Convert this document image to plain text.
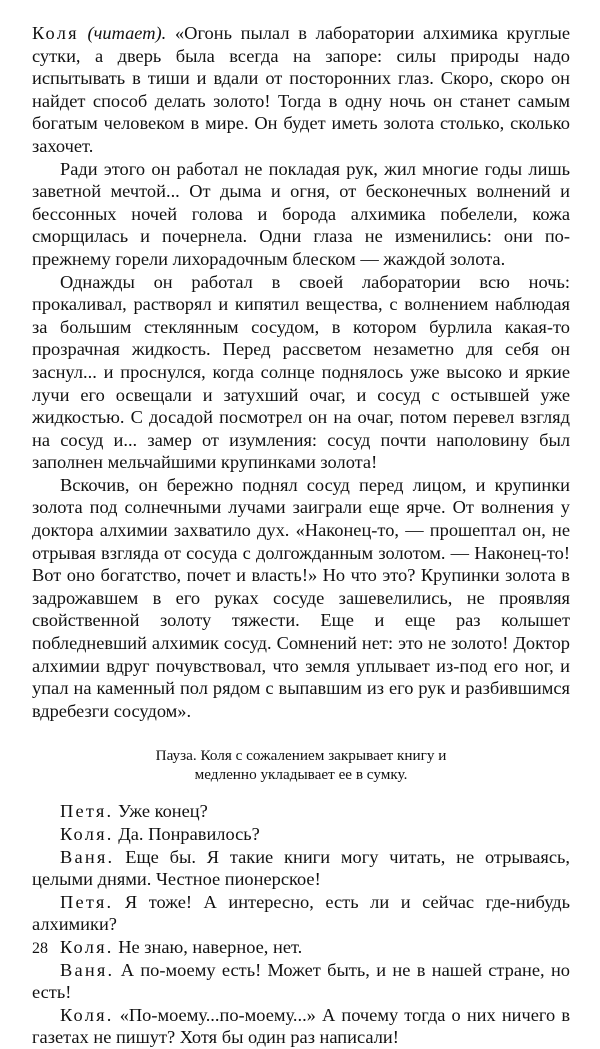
Коля (читает). «Огонь пылал в лаборатории алхимика круглые сутки, а дверь была всегда на запоре: силы природы надо испытывать в тиши и вдали от посторонних глаз. Скоро, скоро он найдет способ делать золото! Тогда в одну ночь он станет самым богатым человеком в мире. Он будет иметь золота столько, сколько захочет.

Ради этого он работал не покладая рук, жил многие годы лишь заветной мечтой... От дыма и огня, от бесконечных волнений и бессонных ночей голова и борода алхимика побелели, кожа сморщилась и почернела. Одни глаза не изменились: они по-прежнему горели лихорадочным блеском — жаждой золота.

Однажды он работал в своей лаборатории всю ночь: прокаливал, растворял и кипятил вещества, с волнением наблюдая за большим стеклянным сосудом, в котором бурлила какая-то прозрачная жидкость. Перед рассветом незаметно для себя он заснул... и проснулся, когда солнце поднялось уже высоко и яркие лучи его освещали и затухший очаг, и сосуд с остывшей уже жидкостью. С досадой посмотрел он на очаг, потом перевел взгляд на сосуд и... замер от изумления: сосуд почти наполовину был заполнен мельчайшими крупинками золота!

Вскочив, он бережно поднял сосуд перед лицом, и крупинки золота под солнечными лучами заиграли еще ярче. От волнения у доктора алхимии захватило дух. «Наконец-то, — прошептал он, не отрывая взгляда от сосуда с долгожданным золотом. — Наконец-то! Вот оно богатство, почет и власть!» Но что это? Крупинки золота в задрожавшем в его руках сосуде зашевелились, не проявляя свойственной золоту тяжести. Еще и еще раз колышет побледневший алхимик сосуд. Сомнений нет: это не золото! Доктор алхимии вдруг почувствовал, что земля уплывает из-под его ног, и упал на каменный пол рядом с выпавшим из его рук и разбившимся вдребезги сосудом».

Пауза. Коля с сожалением закрывает книгу и
медленно укладывает ее в сумку.

Петя. Уже конец?

Коля. Да. Понравилось?

Ваня. Еще бы. Я такие книги могу читать, не отрываясь, целыми днями. Честное пионерское!

Петя. Я тоже! А интересно, есть ли и сейчас где-нибудь алхимики?

Коля. Не знаю, наверное, нет.

Ваня. А по-моему есть! Может быть, и не в нашей стране, но есть!

Коля. «По-моему...по-моему...» А почему тогда о них ничего в газетах не пишут? Хотя бы один раз написали!

28
